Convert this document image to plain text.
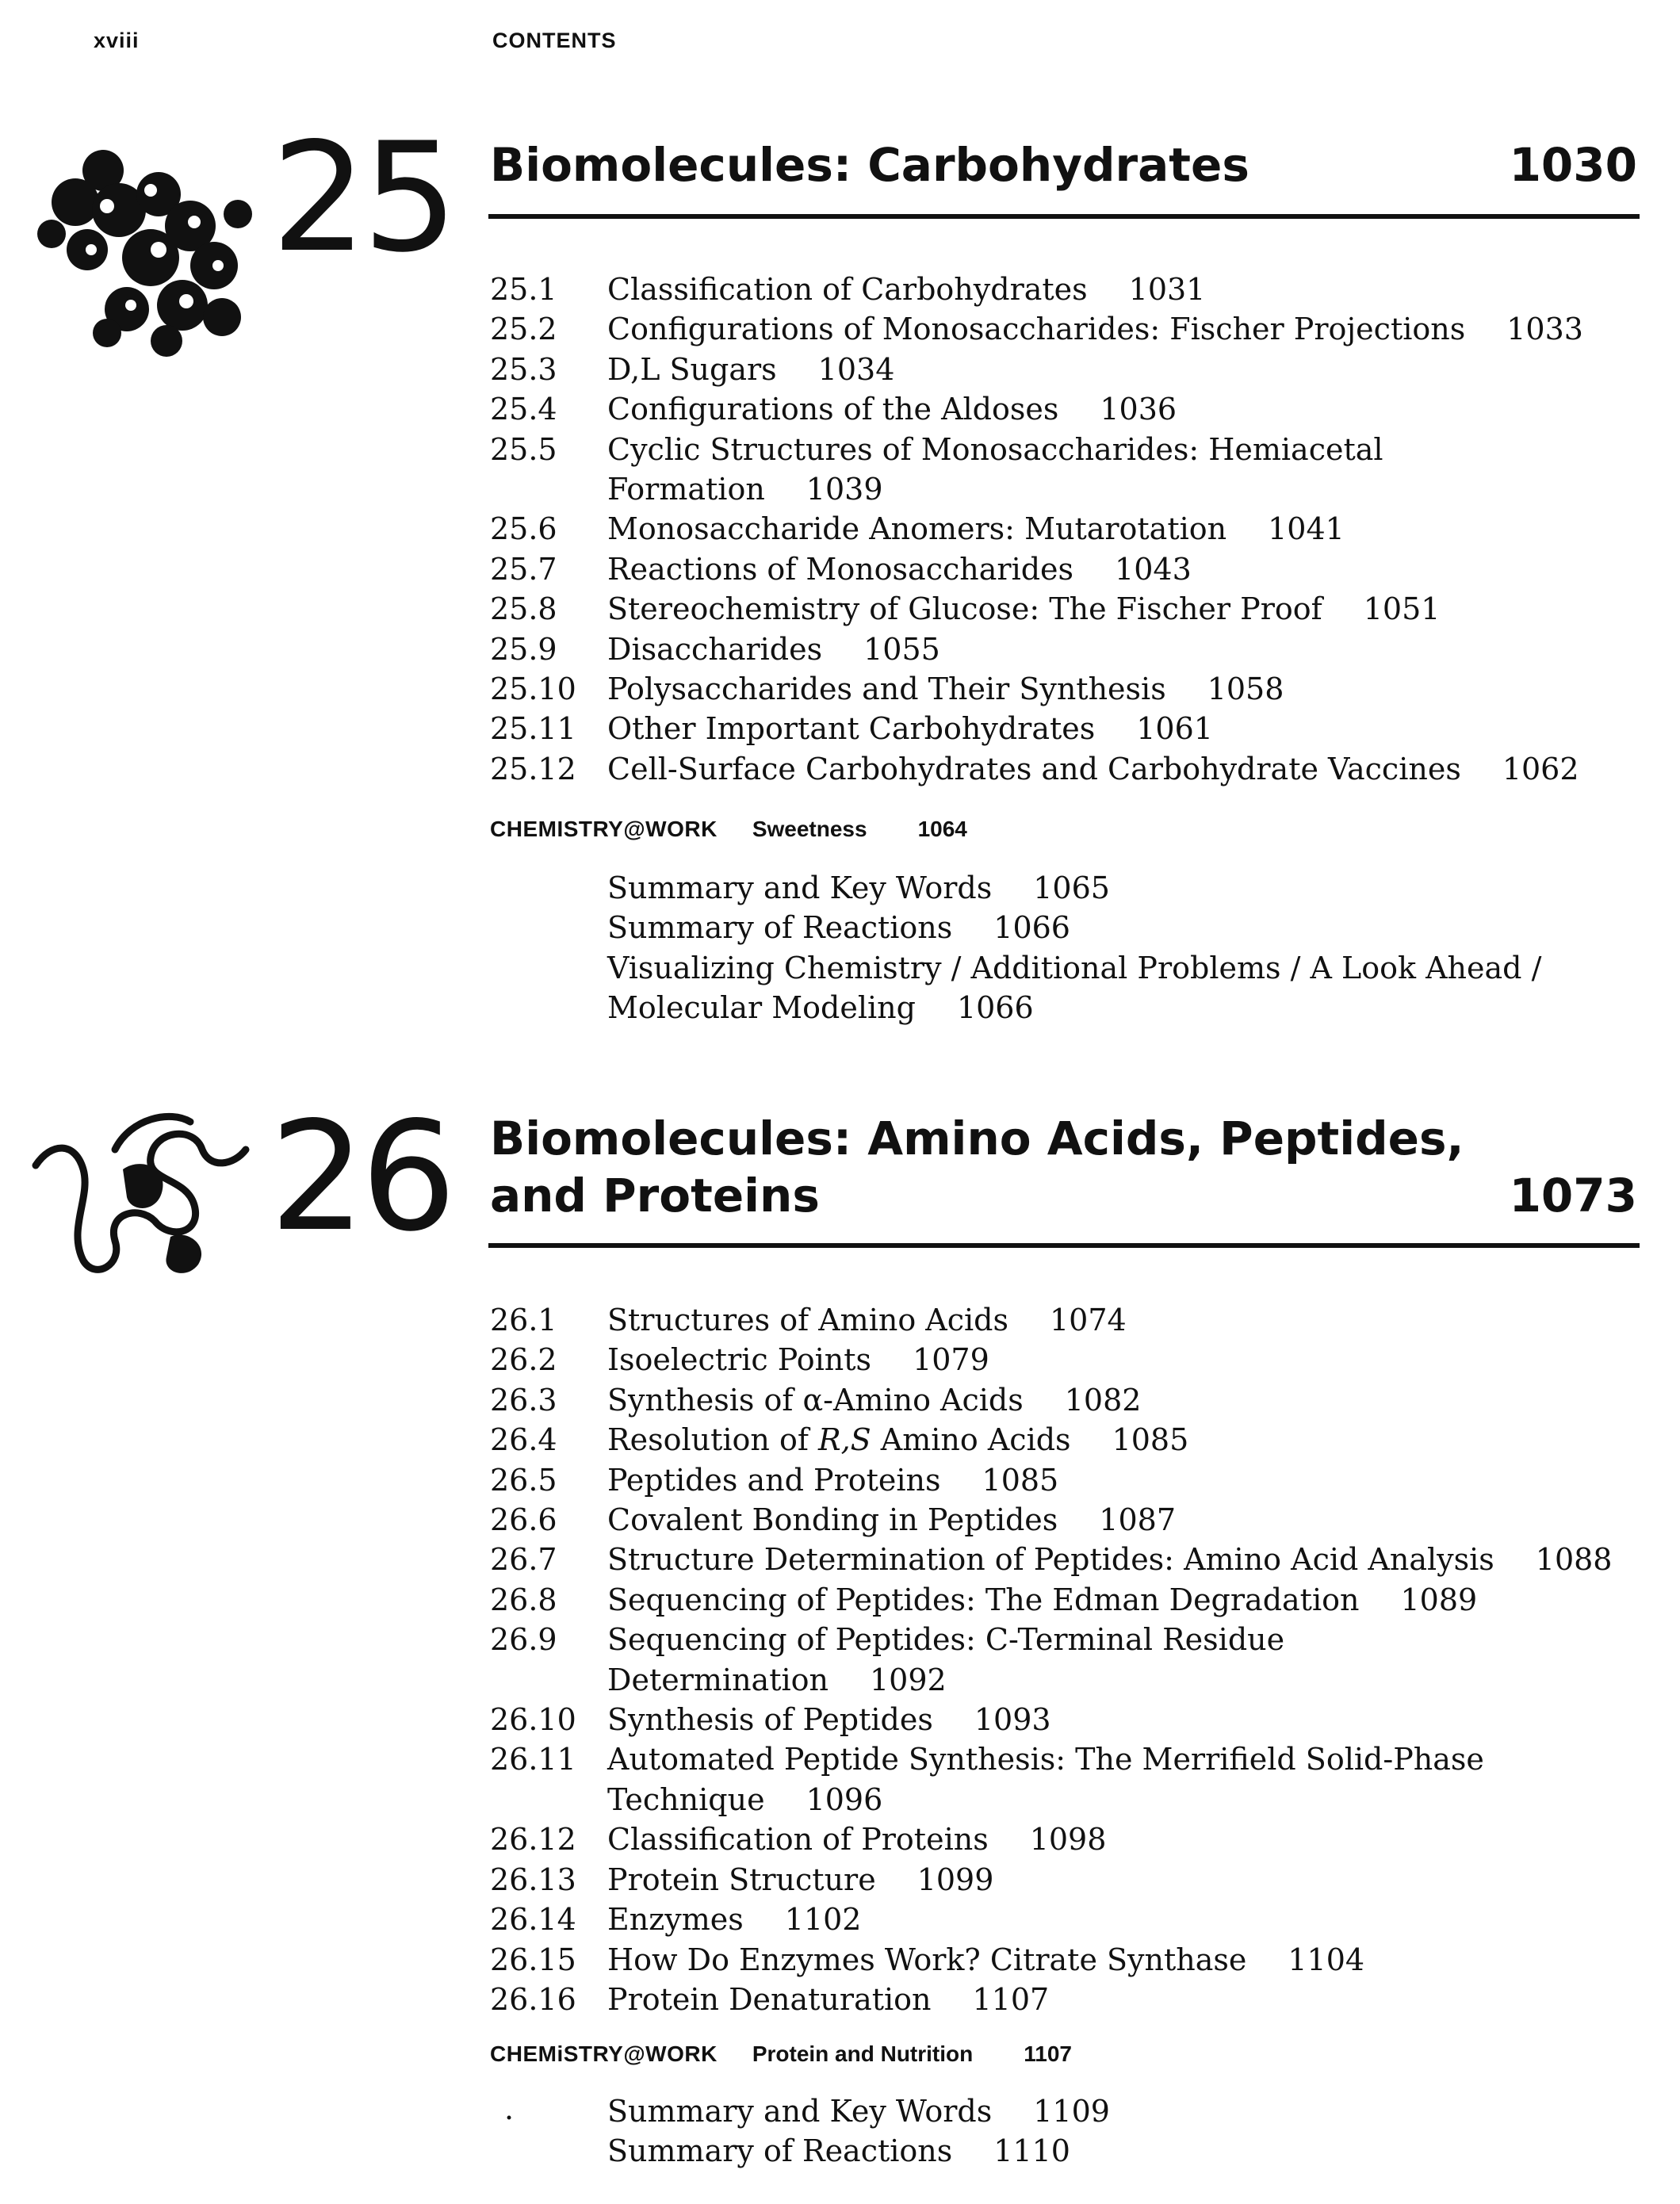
xviii	CONTENTS
25 Biomolecules: Carbohydrates	1030
25.1	Classification of Carbohydrates 1031
25.2	Configurations of Monosaccharides: Fischer Projections 1033
25.3	D,L Sugars 1034
25.4	Configurations of the Aldoses 1036
25.5	Cyclic Structures of Monosaccharides: Hemiacetal
Formation 1039
25.6	Monosaccharide Anomers: Mutarotation 1041
25.7	Reactions of Monosaccharides 1043
25.8	Stereochemistry of Glucose: The Fischer Proof 1051
25.9	Disaccharides 1055
25.10	Polysaccharides and Their Synthesis 1058
25.11	Other Important Carbohydrates 1061
25.12	Cell-Surface Carbohydrates and Carbohydrate Vaccines 1062
CHEMISTRY@WORK Sweetness 1064
Summary and Key Words 1065
Summary of Reactions 1066
Visualizing Chemistry / Additional Problems / A Look Ahead /
Molecular Modeling 1066
26 Biomolecules: Amino Acids, Peptides,
and Proteins	1073
26.1	Structures of Amino Acids 1074
26.2	Isoelectric Points 1079
26.3	Synthesis of α-Amino Acids 1082
26.4	Resolution of R,S Amino Acids 1085
26.5	Peptides and Proteins 1085
26.6	Covalent Bonding in Peptides 1087
26.7	Structure Determination of Peptides: Amino Acid Analysis 1088
26.8	Sequencing of Peptides: The Edman Degradation 1089
26.9	Sequencing of Peptides: C-Terminal Residue
Determination 1092
26.10	Synthesis of Peptides 1093
26.11	Automated Peptide Synthesis: The Merrifield Solid-Phase
Technique 1096
26.12	Classification of Proteins 1098
26.13	Protein Structure 1099
26.14	Enzymes 1102
26.15	How Do Enzymes Work? Citrate Synthase 1104
26.16	Protein Denaturation 1107
CHEMiSTRY@WORK Protein and Nutrition 1107
.	Summary and Key Words 1109
Summary of Reactions 1110
